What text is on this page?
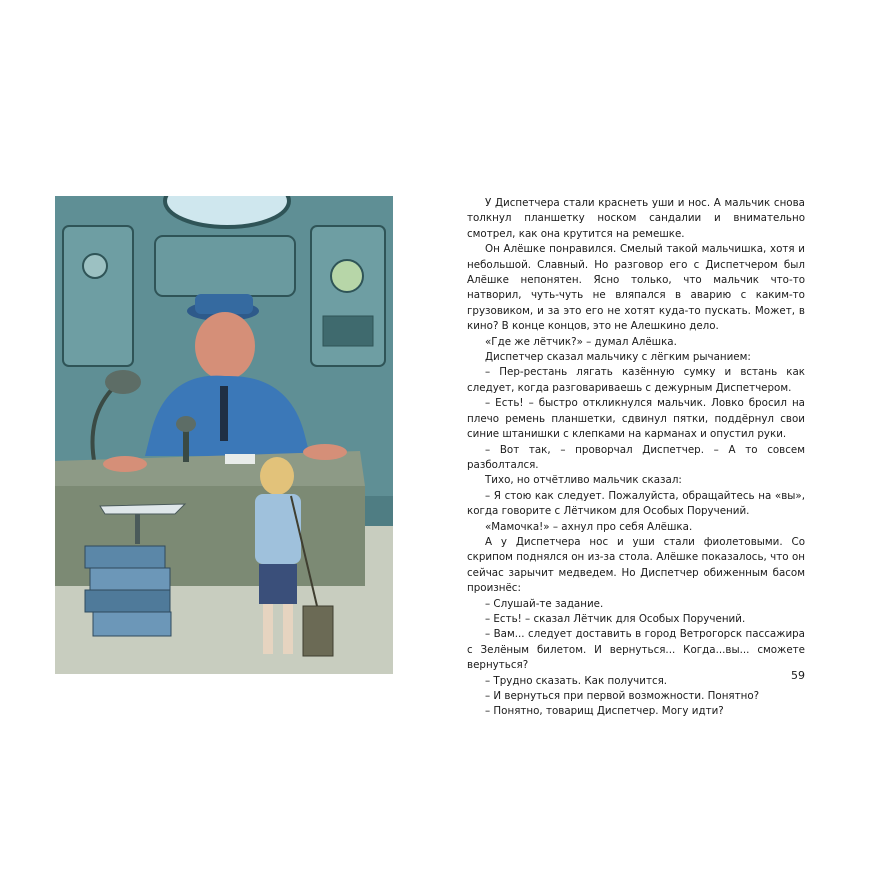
У Диспетчера стали краснеть уши и нос. А мальчик снова толкнул планшетку носком сандалии и внимательно смотрел, как она крутится на ремешке.

Он Алёшке понравился. Смелый такой мальчишка, хотя и небольшой. Славный. Но разговор его с Диспетчером был Алёшке непонятен. Ясно только, что мальчик что-то натворил, чуть-чуть не вляпался в аварию с каким-то грузовиком, и за это его не хотят куда-то пускать. Может, в кино? В конце концов, это не Алешкино дело.

«Где же лётчик?» – думал Алёшка.

Диспетчер сказал мальчику с лёгким рычанием:

– Пер-рестань лягать казённую сумку и встань как следует, когда разговариваешь с дежурным Диспетчером.

– Есть! – быстро откликнулся мальчик. Ловко бросил на плечо ремень планшетки, сдвинул пятки, поддёрнул свои синие штанишки с клепками на карманах и опустил руки.

– Вот так, – проворчал Диспетчер. – А то совсем разболтался.

Тихо, но отчётливо мальчик сказал:

– Я стою как следует. Пожалуйста, обращайтесь на «вы», когда говорите с Лётчиком для Особых Поручений.

«Мамочка!» – ахнул про себя Алёшка.

А у Диспетчера нос и уши стали фиолетовыми. Со скрипом поднялся он из-за стола. Алёшке показалось, что он сейчас зарычит медведем. Но Диспетчер обиженным басом произнёс:

– Слушай-те задание.

– Есть! – сказал Лётчик для Особых Поручений.

– Вам... следует доставить в город Ветрогорск пассажира с Зелёным билетом. И вернуться... Когда...вы... сможете вернуться?

– Трудно сказать. Как получится.

– И вернуться при первой возможности. Понятно?

– Понятно, товарищ Диспетчер. Могу идти?

59
